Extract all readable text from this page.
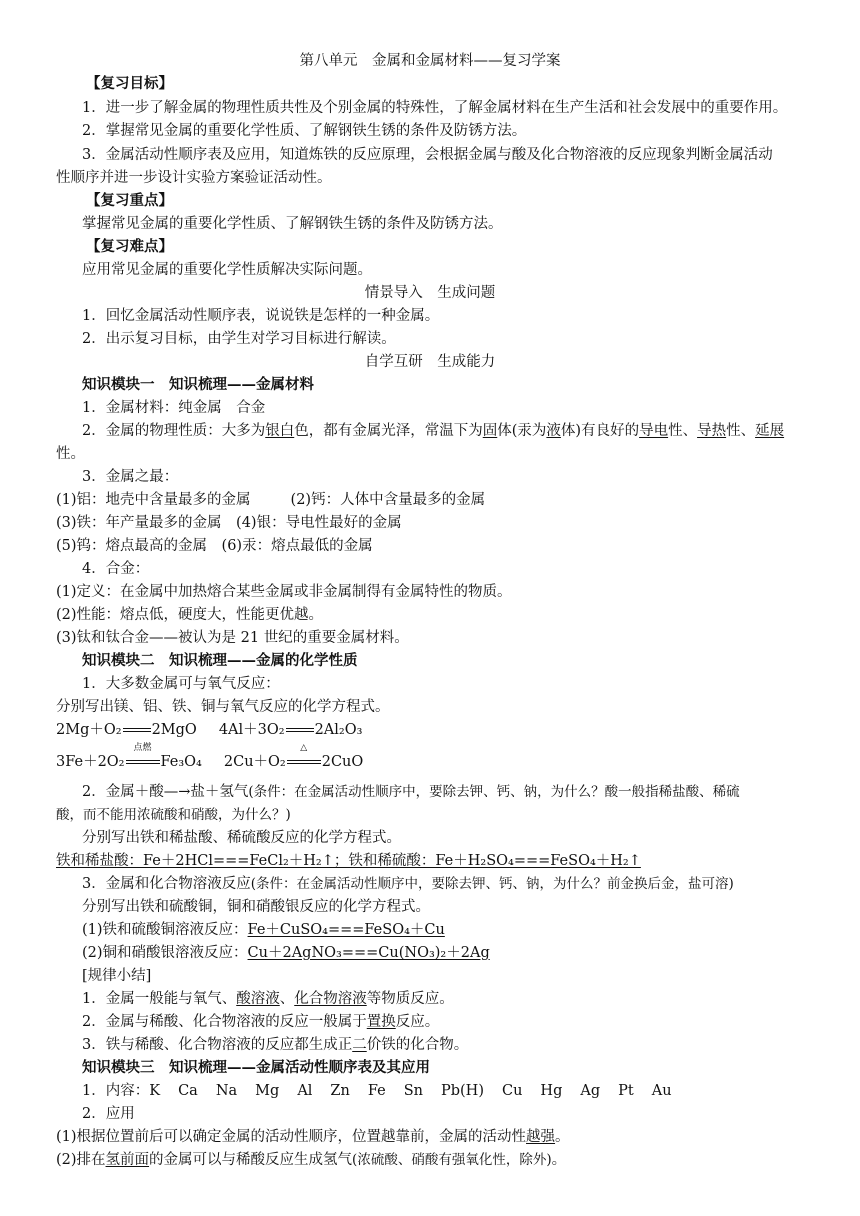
第八单元　金属和金属材料——复习学案
【复习目标】
1．进一步了解金属的物理性质共性及个别金属的特殊性，了解金属材料在生产生活和社会发展中的重要作用。
2．掌握常见金属的重要化学性质、了解钢铁生锈的条件及防锈方法。
3．金属活动性顺序表及应用，知道炼铁的反应原理，会根据金属与酸及化合物溶液的反应现象判断金属活动
性顺序并进一步设计实验方案验证活动性。
【复习重点】
掌握常见金属的重要化学性质、了解钢铁生锈的条件及防锈方法。
【复习难点】
应用常见金属的重要化学性质解决实际问题。
情景导入　生成问题
1．回忆金属活动性顺序表，说说铁是怎样的一种金属。
2．出示复习目标，由学生对学习目标进行解读。
自学互研　生成能力
知识模块一　知识梳理——金属材料
1．金属材料：纯金属　合金
2．金属的物理性质：大多为银白色，都有金属光泽，常温下为固体(汞为液体)有良好的导电性、导热性、延展
性。
3．金属之最：
(1)铝：地壳中含量最多的金属	(2)钙：人体中含量最多的金属
(3)铁：年产量最多的金属　(4)银：导电性最好的金属
(5)钨：熔点最高的金属　(6)汞：熔点最低的金属
4．合金：
(1)定义：在金属中加热熔合某些金属或非金属制得有金属特性的物质。
(2)性能：熔点低，硬度大，性能更优越。
(3)钛和钛合金——被认为是 21 世纪的重要金属材料。
知识模块二　知识梳理——金属的化学性质
1．大多数金属可与氧气反应：
分别写出镁、铝、铁、铜与氧气反应的化学方程式。
2Mg＋O₂ 2MgO 4Al＋3O₂ 2Al₂O₃
3Fe＋2O₂
点燃
Fe₃O₄ 2Cu＋O₂
△
2CuO
2．金属＋酸—→盐＋氢气(条件：在金属活动性顺序中，要除去钾、钙、钠，为什么？酸一般指稀盐酸、稀硫
酸，而不能用浓硫酸和硝酸，为什么？)
分别写出铁和稀盐酸、稀硫酸反应的化学方程式。
铁和稀盐酸：Fe＋2HCl===FeCl₂＋H₂↑；铁和稀硫酸：Fe＋H₂SO₄===FeSO₄＋H₂↑
3．金属和化合物溶液反应(条件：在金属活动性顺序中，要除去钾、钙、钠，为什么？前金换后金，盐可溶)
分别写出铁和硫酸铜，铜和硝酸银反应的化学方程式。
(1)铁和硫酸铜溶液反应：Fe＋CuSO₄===FeSO₄＋Cu
(2)铜和硝酸银溶液反应：Cu＋2AgNO₃===Cu(NO₃)₂＋2Ag
[规律小结]
1．金属一般能与氧气、酸溶液、化合物溶液等物质反应。
2．金属与稀酸、化合物溶液的反应一般属于置换反应。
3．铁与稀酸、化合物溶液的反应都生成正二价铁的化合物。
知识模块三　知识梳理——金属活动性顺序表及其应用
1．内容：K Ca Na Mg Al Zn Fe Sn Pb(H) Cu Hg Ag Pt Au
2．应用
(1)根据位置前后可以确定金属的活动性顺序，位置越靠前，金属的活动性越强。
(2)排在氢前面的金属可以与稀酸反应生成氢气(浓硫酸、硝酸有强氧化性，除外)。
